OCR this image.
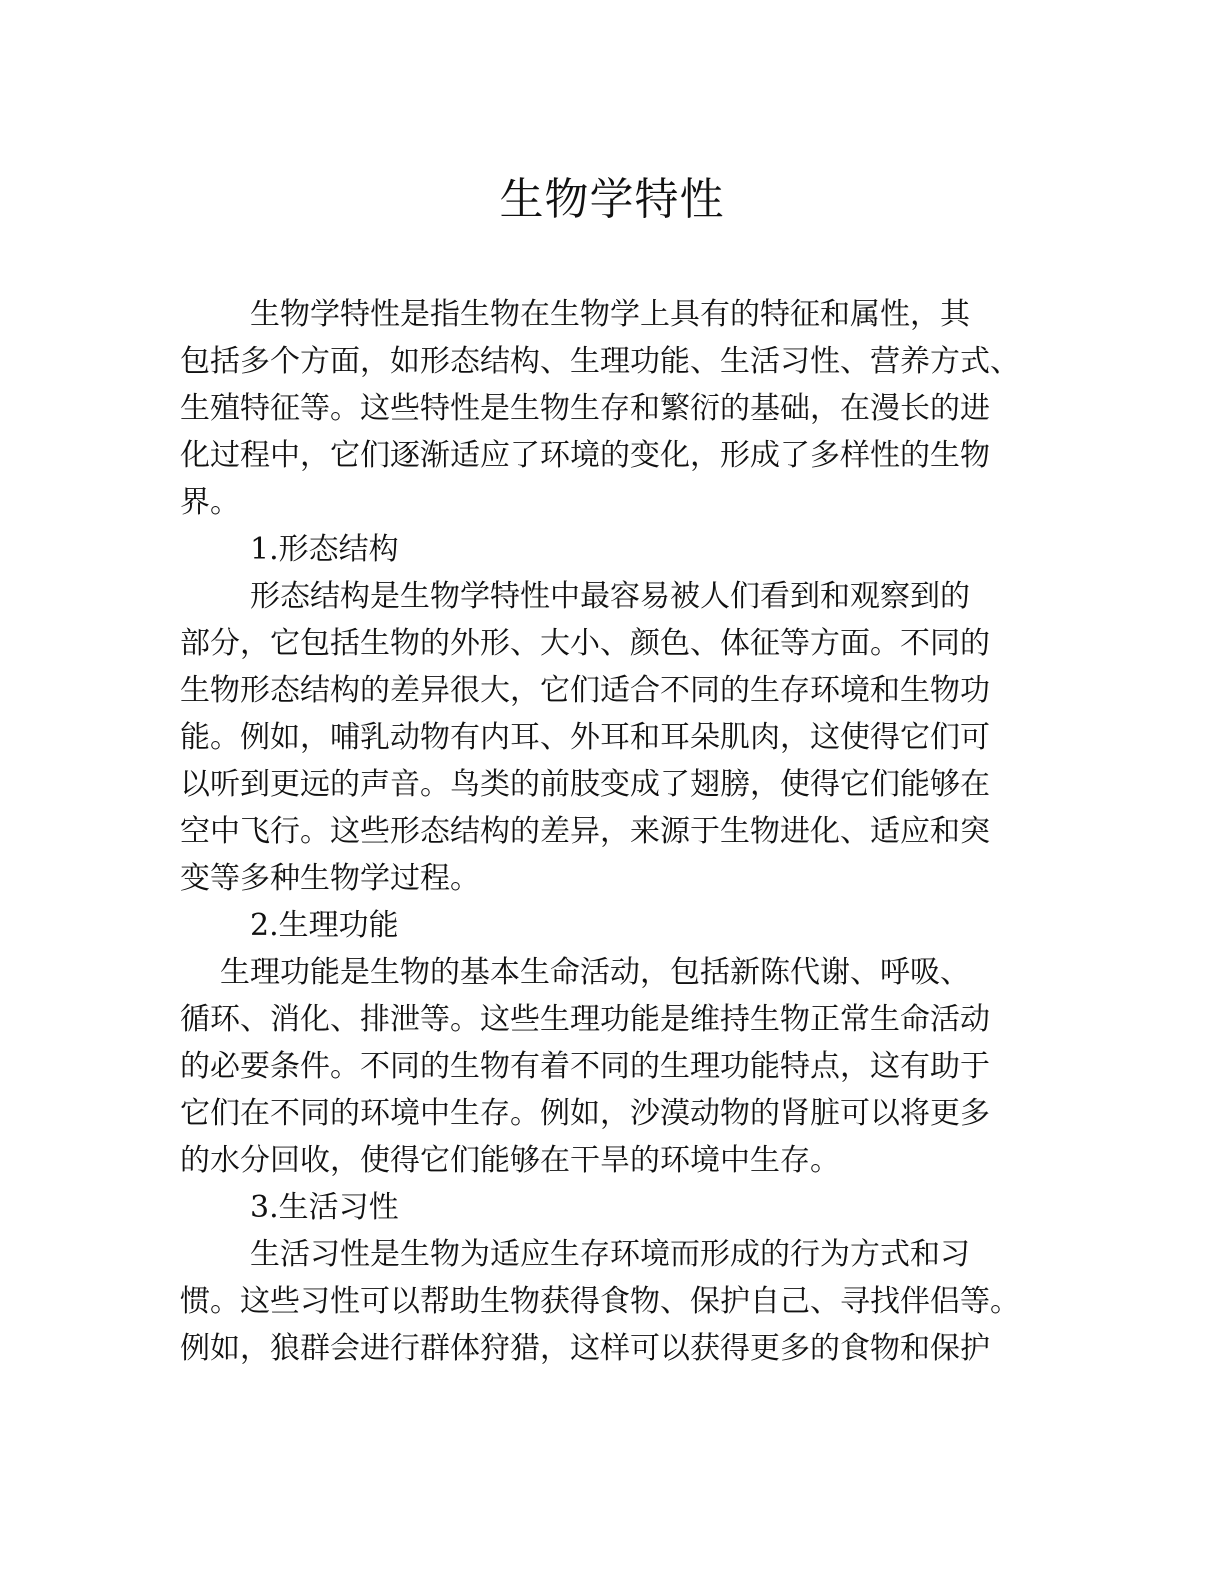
生物学特性

生物学特性是指生物在生物学上具有的特征和属性，其

包括多个方面，如形态结构、生理功能、生活习性、营养方式、

生殖特征等。这些特性是生物生存和繁衍的基础，在漫长的进

化过程中，它们逐渐适应了环境的变化，形成了多样性的生物

界。

1.形态结构

形态结构是生物学特性中最容易被人们看到和观察到的

部分，它包括生物的外形、大小、颜色、体征等方面。不同的

生物形态结构的差异很大，它们适合不同的生存环境和生物功

能。例如，哺乳动物有内耳、外耳和耳朵肌肉，这使得它们可

以听到更远的声音。鸟类的前肢变成了翅膀，使得它们能够在

空中飞行。这些形态结构的差异，来源于生物进化、适应和突

变等多种生物学过程。

2.生理功能

生理功能是生物的基本生命活动，包括新陈代谢、呼吸、

循环、消化、排泄等。这些生理功能是维持生物正常生命活动

的必要条件。不同的生物有着不同的生理功能特点，这有助于

它们在不同的环境中生存。例如，沙漠动物的肾脏可以将更多

的水分回收，使得它们能够在干旱的环境中生存。

3.生活习性

生活习性是生物为适应生存环境而形成的行为方式和习

惯。这些习性可以帮助生物获得食物、保护自己、寻找伴侣等。

例如，狼群会进行群体狩猎，这样可以获得更多的食物和保护
